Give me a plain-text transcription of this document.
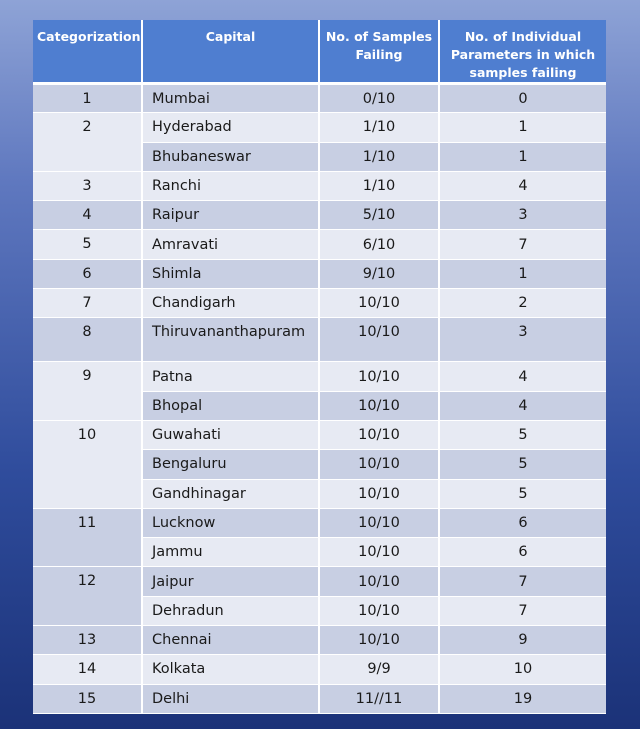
Categorization	Capital	No. of Samples Failing	No. of Individual Parameters in which samples failing
1	Mumbai	0/10	0
2	Hyderabad	1/10	1
	Bhubaneswar	1/10	1
3	Ranchi	1/10	4
4	Raipur	5/10	3
5	Amravati	6/10	7
6	Shimla	9/10	1
7	Chandigarh	10/10	2
8	Thiruvananthapuram	10/10	3
9	Patna	10/10	4
	Bhopal	10/10	4
10	Guwahati	10/10	5
	Bengaluru	10/10	5
	Gandhinagar	10/10	5
11	Lucknow	10/10	6
	Jammu	10/10	6
12	Jaipur	10/10	7
	Dehradun	10/10	7
13	Chennai	10/10	9
14	Kolkata	9/9	10
15	Delhi	11//11	19
